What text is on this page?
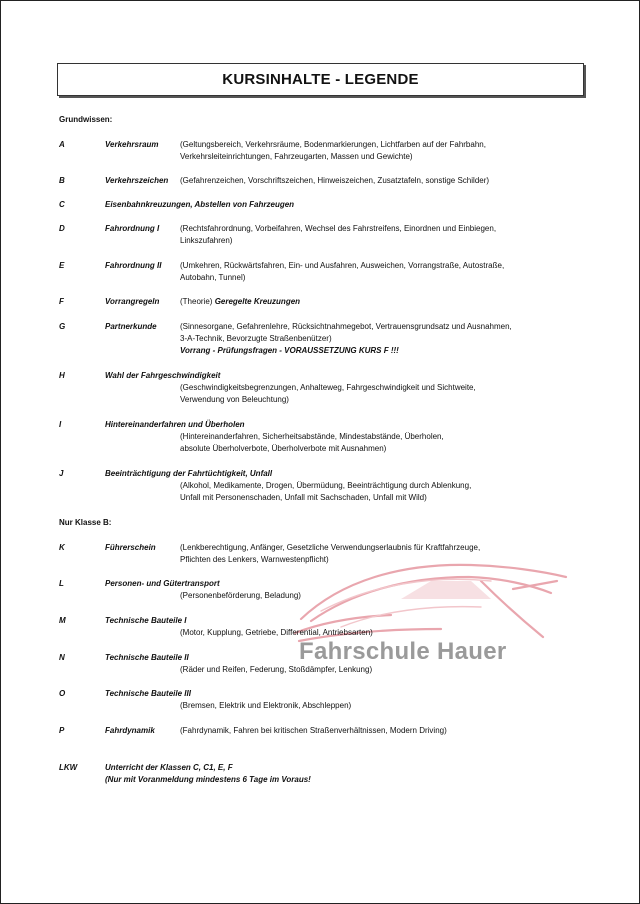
KURSINHALTE - LEGENDE
Fahrschule Hauer
Grundwissen:
A	Verkehrsraum	(Geltungsbereich, Verkehrsräume, Bodenmarkierungen, Lichtfarben auf der Fahrbahn,
Verkehrsleiteinrichtungen, Fahrzeugarten, Massen und Gewichte)
B	Verkehrszeichen (Gefahrenzeichen, Vorschriftszeichen, Hinweiszeichen, Zusatztafeln, sonstige Schilder)
C	Eisenbahnkreuzungen, Abstellen von Fahrzeugen
D	Fahrordnung I	(Rechtsfahrordnung, Vorbeifahren, Wechsel des Fahrstreifens, Einordnen und Einbiegen,
Linkszufahren)
E	Fahrordnung II (Umkehren, Rückwärtsfahren, Ein- und Ausfahren, Ausweichen, Vorrangstraße, Autostraße,
Autobahn, Tunnel)
F	Vorrangregeln	(Theorie) Geregelte Kreuzungen
G	Partnerkunde	(Sinnesorgane, Gefahrenlehre, Rücksichtnahmegebot, Vertrauensgrundsatz und Ausnahmen,
3-A-Technik, Bevorzugte Straßenbenützer)
Vorrang - Prüfungsfragen - VORAUSSETZUNG KURS F !!!
H	Wahl der Fahrgeschwindigkeit
(Geschwindigkeitsbegrenzungen, Anhalteweg, Fahrgeschwindigkeit und Sichtweite,
Verwendung von Beleuchtung)
I	Hintereinanderfahren und Überholen
(Hintereinanderfahren, Sicherheitsabstände, Mindestabstände, Überholen,
absolute Überholverbote, Überholverbote mit Ausnahmen)
J	Beeinträchtigung der Fahrtüchtigkeit, Unfall
(Alkohol, Medikamente, Drogen, Übermüdung, Beeinträchtigung durch Ablenkung,
Unfall mit Personenschaden, Unfall mit Sachschaden, Unfall mit Wild)
Nur Klasse B:
K	Führerschein	(Lenkberechtigung, Anfänger, Gesetzliche Verwendungserlaubnis für Kraftfahrzeuge,
Pflichten des Lenkers, Warnwestenpflicht)
L	Personen- und Gütertransport
(Personenbeförderung, Beladung)
M	Technische Bauteile I
(Motor, Kupplung, Getriebe, Differential, Antriebsarten)
N	Technische Bauteile II
(Räder und Reifen, Federung, Stoßdämpfer, Lenkung)
O	Technische Bauteile III
(Bremsen, Elektrik und Elektronik, Abschleppen)
P	Fahrdynamik	(Fahrdynamik, Fahren bei kritischen Straßenverhältnissen, Modern Driving)
LKW	Unterricht der Klassen C, C1, E, F
(Nur mit Voranmeldung mindestens 6 Tage im Voraus!
